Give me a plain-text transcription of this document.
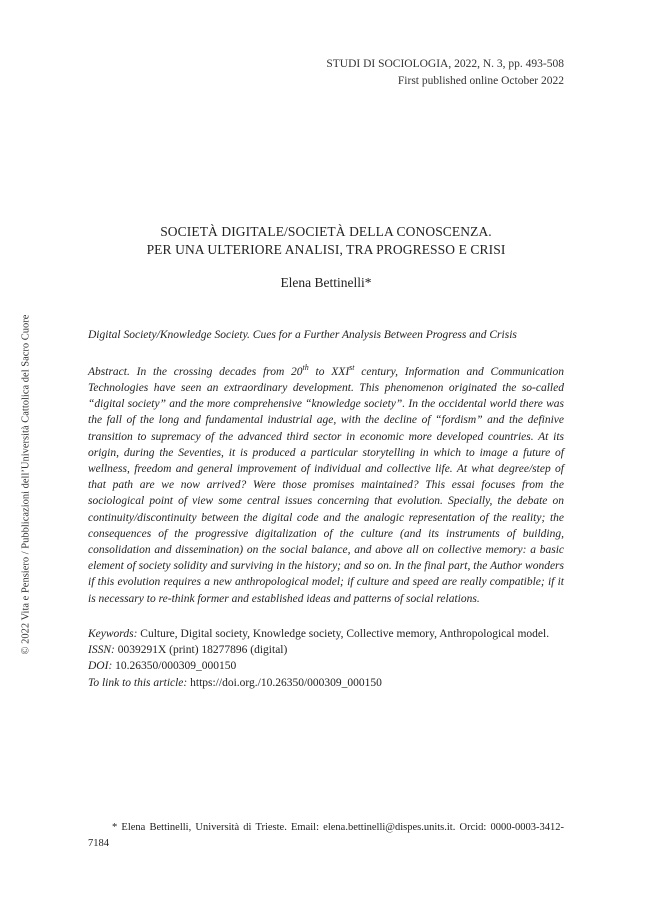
STUDI DI SOCIOLOGIA, 2022, N. 3, pp. 493-508
First published online October 2022
SOCIETÀ DIGITALE/SOCIETÀ DELLA CONOSCENZA.
PER UNA ULTERIORE ANALISI, TRA PROGRESSO E CRISI
Elena Bettinelli*
Digital Society/Knowledge Society. Cues for a Further Analysis Between Progress and Crisis
Abstract. In the crossing decades from 20th to XXIst century, Information and Communication Technologies have seen an extraordinary development. This phenomenon originated the so-called “digital society” and the more comprehensive “knowledge society”. In the occidental world there was the fall of the long and fundamental industrial age, with the decline of “fordism” and the definive transition to supremacy of the advanced third sector in economic more developed countries. At its origin, during the Seventies, it is produced a particular storytelling in which to image a future of wellness, freedom and general improvement of individual and collective life. At what degree/step of that path are we now arrived? Were those promises maintained? This essai focuses from the sociological point of view some central issues concerning that evolution. Specially, the debate on continuity/discontinuity between the digital code and the analogic representation of the reality; the consequences of the progressive digitalization of the culture (and its instruments of building, consolidation and dissemination) on the social balance, and above all on collective memory: a basic element of society solidity and surviving in the history; and so on. In the final part, the Author wonders if this evolution requires a new anthropological model; if culture and speed are really compatible; if it is necessary to re-think former and established ideas and patterns of social relations.
Keywords: Culture, Digital society, Knowledge society, Collective memory, Anthropological model.
ISSN: 0039291X (print) 18277896 (digital)
DOI: 10.26350/000309_000150
To link to this article: https://doi.org./10.26350/000309_000150
* Elena Bettinelli, Università di Trieste. Email: elena.bettinelli@dispes.units.it. Orcid: 0000-0003-3412-7184
© 2022 Vita e Pensiero / Pubblicazioni dell’Università Cattolica del Sacro Cuore
